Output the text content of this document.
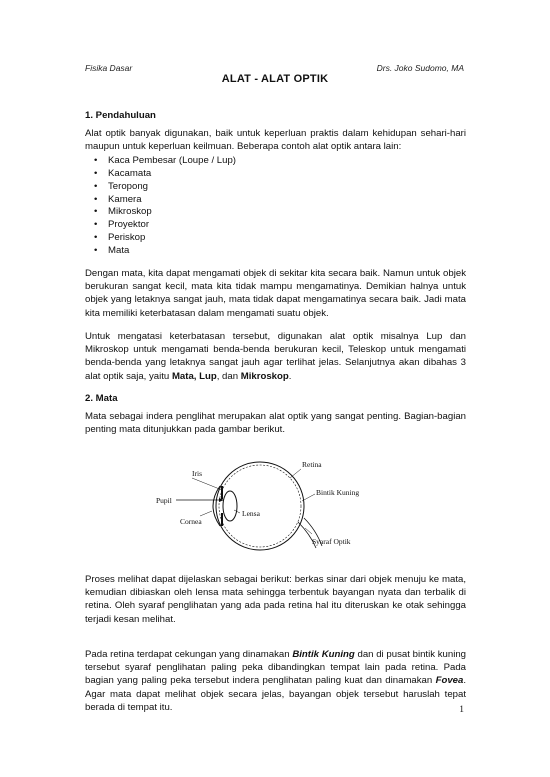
Fisika Dasar	Drs. Joko Sudomo, MA
ALAT - ALAT OPTIK
1. Pendahuluan

Alat optik banyak digunakan, baik untuk keperluan praktis dalam kehidupan sehari-hari maupun untuk keperluan keilmuan. Beberapa contoh alat optik antara lain:

• Kaca Pembesar (Loupe / Lup)
• Kacamata
• Teropong
• Kamera
• Mikroskop
• Proyektor
• Periskop
• Mata

Dengan mata, kita dapat mengamati objek di sekitar kita secara baik. Namun untuk objek berukuran sangat kecil, mata kita tidak mampu mengamatinya. Demikian halnya untuk objek yang letaknya sangat jauh, mata tidak dapat mengamatinya secara baik. Jadi mata kita memiliki keterbatasan dalam mengamati suatu objek.

Untuk mengatasi keterbatasan tersebut, digunakan alat optik misalnya Lup dan Mikroskop untuk mengamati benda-benda berukuran kecil, Teleskop untuk mengamati benda-benda yang letaknya sangat jauh agar terlihat jelas. Selanjutnya akan dibahas 3 alat optik saja, yaitu Mata, Lup, dan Mikroskop.

2. Mata

Mata sebagai indera penglihat merupakan alat optik yang sangat penting. Bagian-bagian penting mata ditunjukkan pada gambar berikut.

Retina
Iris
Pupil
Bintik Kuning
Lensa
Cornea
Syaraf Optik

Proses melihat dapat dijelaskan sebagai berikut: berkas sinar dari objek menuju ke mata, kemudian dibiaskan oleh lensa mata sehingga terbentuk bayangan nyata dan terbalik di retina. Oleh syaraf penglihatan yang ada pada retina hal itu diteruskan ke otak sehingga terjadi kesan melihat.

Pada retina terdapat cekungan yang dinamakan Bintik Kuning dan di pusat bintik kuning tersebut syaraf penglihatan paling peka dibandingkan tempat lain pada retina. Pada bagian yang paling peka tersebut indera penglihatan paling kuat dan dinamakan Fovea. Agar mata dapat melihat objek secara jelas, bayangan objek tersebut haruslah tepat berada di tempat itu.	1
